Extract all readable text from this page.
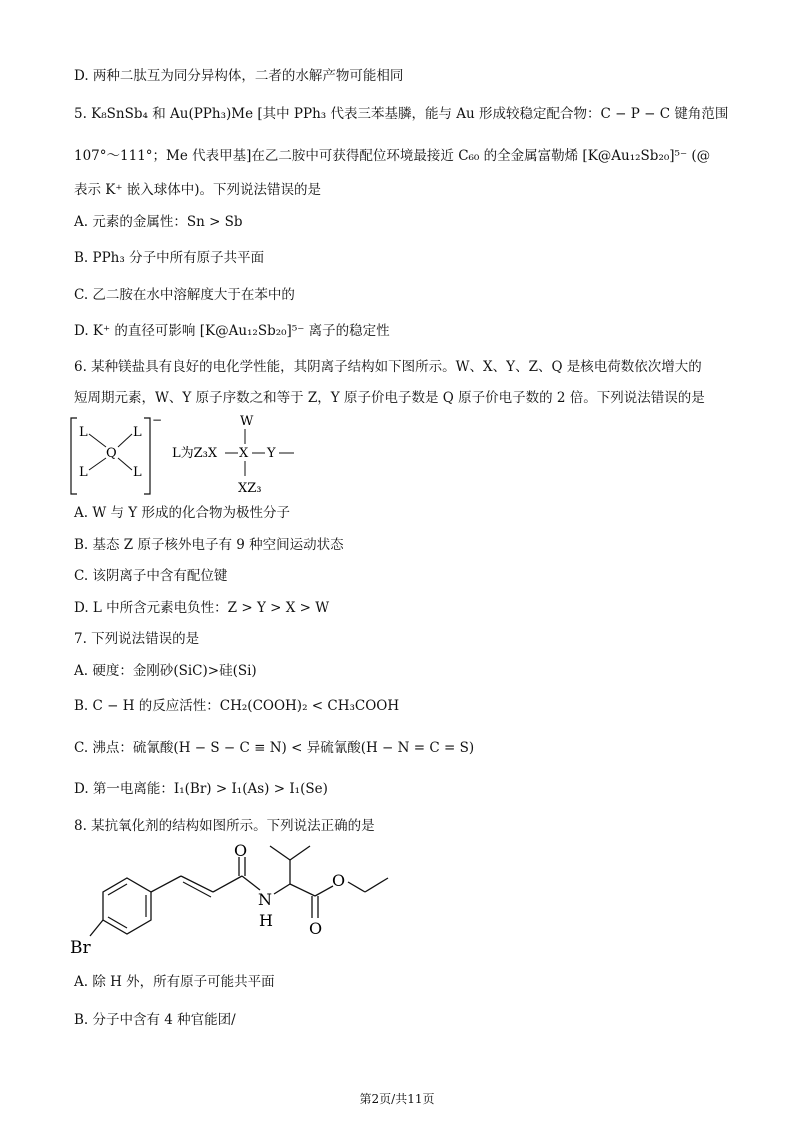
D. 两种二肽互为同分异构体，二者的水解产物可能相同
5. K₈SnSb₄ 和 Au(PPh₃)Me [其中 PPh₃ 代表三苯基膦，能与 Au 形成较稳定配合物：C − P − C 键角范围
107°～111°；Me 代表甲基]在乙二胺中可获得配位环境最接近 C₆₀ 的全金属富勒烯 [K@Au₁₂Sb₂₀]⁵⁻ (@
表示 K⁺ 嵌入球体中)。下列说法错误的是
A. 元素的金属性：Sn > Sb
B. PPh₃ 分子中所有原子共平面
C. 乙二胺在水中溶解度大于在苯中的
D. K⁺ 的直径可影响 [K@Au₁₂Sb₂₀]⁵⁻ 离子的稳定性
6. 某种镁盐具有良好的电化学性能，其阴离子结构如下图所示。W、X、Y、Z、Q 是核电荷数依次增大的
短周期元素，W、Y 原子序数之和等于 Z，Y 原子价电子数是 Q 原子价电子数的 2 倍。下列说法错误的是
−
L	L
L	L
Q	L为Z₃X X Y
W
XZ₃
A. W 与 Y 形成的化合物为极性分子
B. 基态 Z 原子核外电子有 9 种空间运动状态
C. 该阴离子中含有配位键
D. L 中所含元素电负性：Z > Y > X > W
7. 下列说法错误的是
A. 硬度：金刚砂(SiC)>硅(Si)
B. C − H 的反应活性：CH₂(COOH)₂ < CH₃COOH
C. 沸点：硫氰酸(H − S − C ≡ N) < 异硫氰酸(H − N = C = S)
D. 第一电离能：I₁(Br) > I₁(As) > I₁(Se)
8. 某抗氧化剂的结构如图所示。下列说法正确的是
Br
O
N
H O
O
A. 除 H 外，所有原子可能共平面
B. 分子中含有 4 种官能团/
第2页/共11页
